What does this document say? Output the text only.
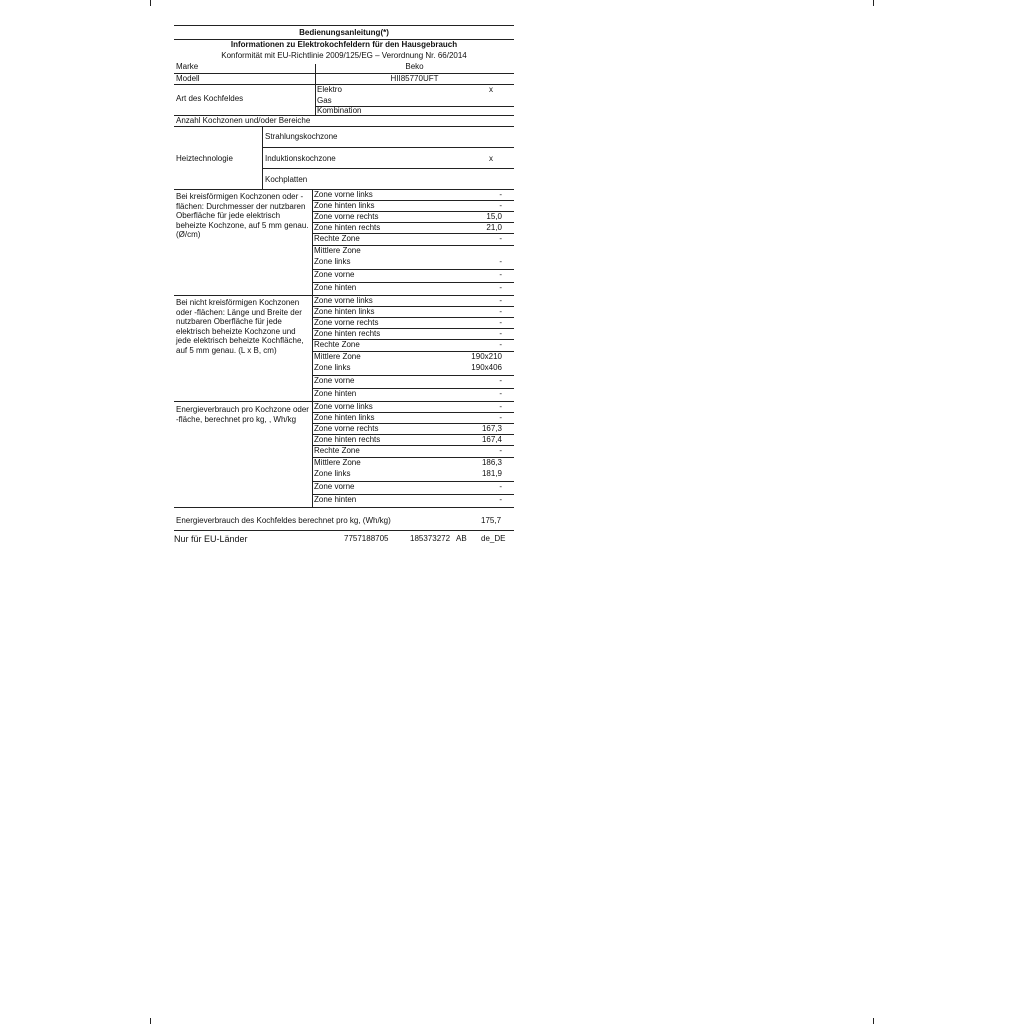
Bedienungsanleitung(*)
Informationen zu Elektrokochfeldern für den Hausgebrauch
Konformität mit EU-Richtlinie 2009/125/EG – Verordnung Nr. 66/2014
Marke	Beko
Modell	HII85770UFT
Art des Kochfeldes
Elektro	x
Gas
Kombination
Anzahl Kochzonen und/oder Bereiche
Heiztechnologie
Strahlungskochzone
Induktionskochzone	x
Kochplatten
Bei kreisförmigen Kochzonen oder -flächen: Durchmesser der nutzbaren Oberfläche für jede elektrisch beheizte Kochzone, auf 5 mm genau. (Ø/cm)
Zone vorne links	-
Zone hinten links	-
Zone vorne rechts	15,0
Zone hinten rechts	21,0
Rechte Zone	-
Mittlere Zone
Zone links	-
Zone vorne	-
Zone hinten	-
Bei nicht kreisförmigen Kochzonen oder -flächen: Länge und Breite der nutzbaren Oberfläche für jede elektrisch beheizte Kochzone und jede elektrisch beheizte Kochfläche, auf 5 mm genau. (L x B, cm)
Zone vorne links	-
Zone hinten links	-
Zone vorne rechts	-
Zone hinten rechts	-
Rechte Zone	-
Mittlere Zone	190x210
Zone links	190x406
Zone vorne	-
Zone hinten	-
Energieverbrauch pro Kochzone oder -fläche, berechnet pro kg, , Wh/kg
Zone vorne links	-
Zone hinten links	-
Zone vorne rechts	167,3
Zone hinten rechts	167,4
Rechte Zone	-
Mittlere Zone	186,3
Zone links	181,9
Zone vorne	-
Zone hinten	-
Energieverbrauch des Kochfeldes berechnet pro kg, (Wh/kg)	175,7
Nur für EU-Länder	7757188705	185373272 AB de_DE
